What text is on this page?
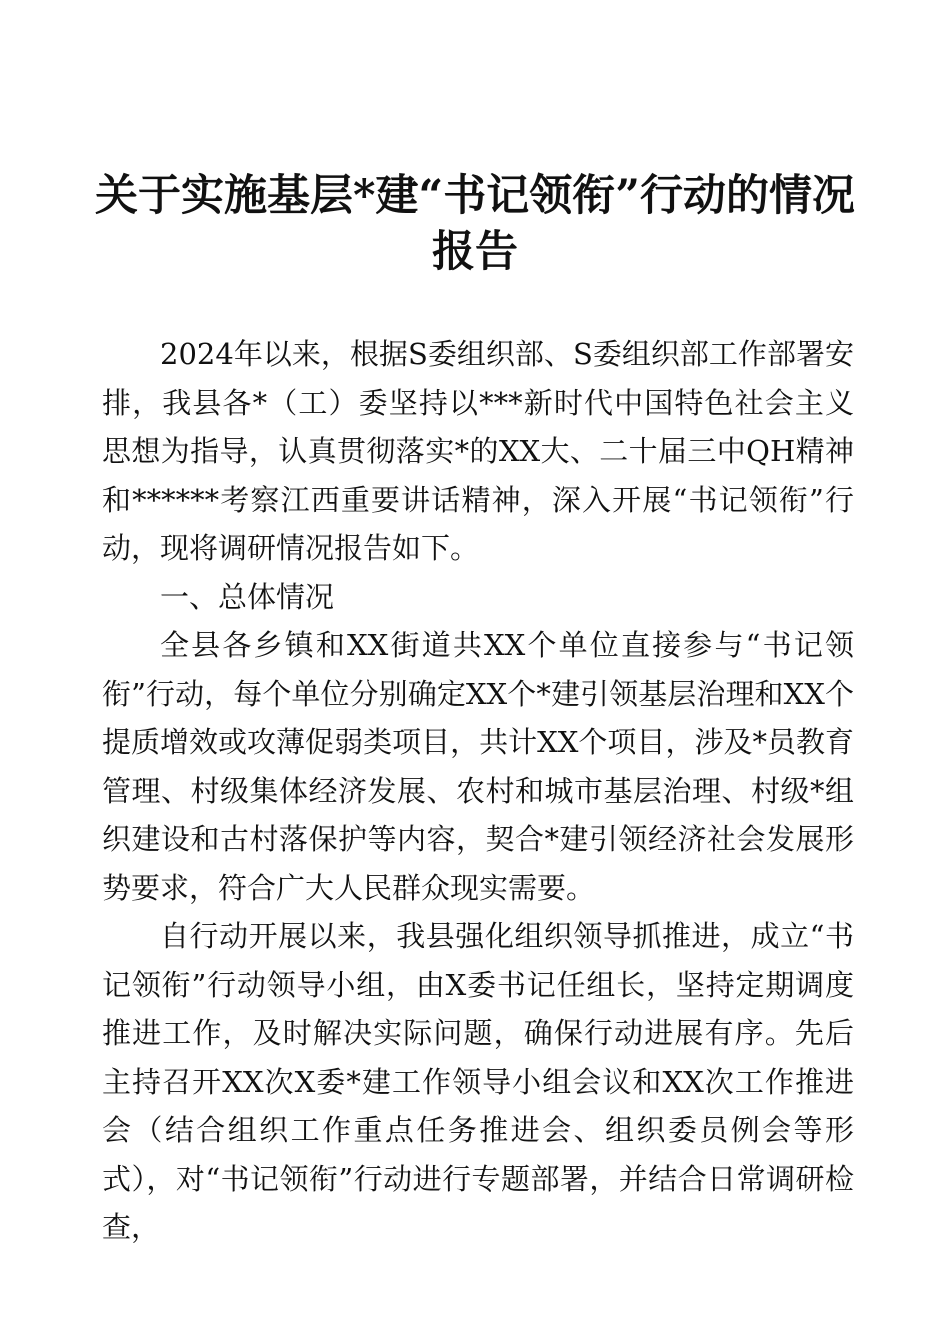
关于实施基层*建“书记领衔”行动的情况报告

2024年以来，根据S委组织部、S委组织部工作部署安排，我县各*（工）委坚持以***新时代中国特色社会主义思想为指导，认真贯彻落实*的XX大、二十届三中QH精神和******考察江西重要讲话精神，深入开展“书记领衔”行动，现将调研情况报告如下。

一、总体情况

全县各乡镇和XX街道共XX个单位直接参与“书记领衔”行动，每个单位分别确定XX个*建引领基层治理和XX个提质增效或攻薄促弱类项目，共计XX个项目，涉及*员教育管理、村级集体经济发展、农村和城市基层治理、村级*组织建设和古村落保护等内容，契合*建引领经济社会发展形势要求，符合广大人民群众现实需要。

自行动开展以来，我县强化组织领导抓推进，成立“书记领衔”行动领导小组，由X委书记任组长，坚持定期调度推进工作，及时解决实际问题，确保行动进展有序。先后主持召开XX次X委*建工作领导小组会议和XX次工作推进会（结合组织工作重点任务推进会、组织委员例会等形式），对“书记领衔”行动进行专题部署，并结合日常调研检查，
